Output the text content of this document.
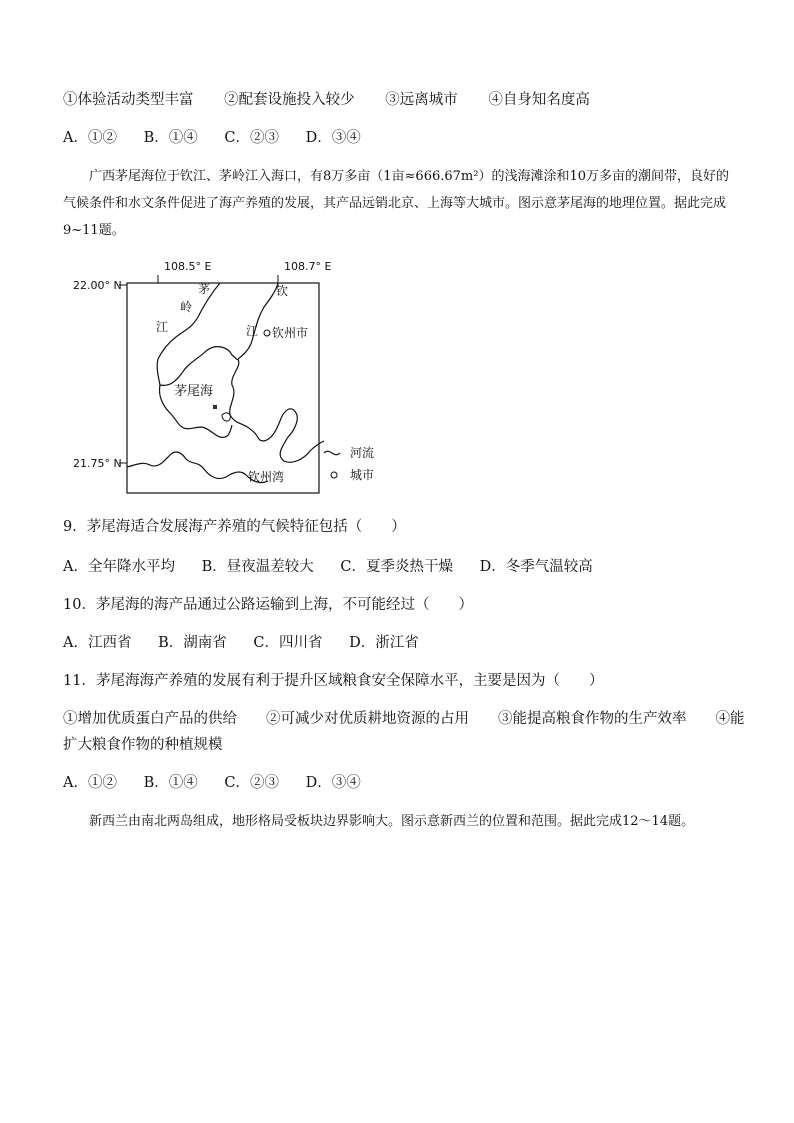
①体验活动类型丰富 ②配套设施投入较少 ③远离城市 ④自身知名度高
A．①② B．①④ C．②③ D．③④

广西茅尾海位于钦江、茅岭江入海口，有8万多亩（1亩≈666.67m²）的浅海滩涂和10万多亩的潮间带，良好的气候条件和水文条件促进了海产养殖的发展，其产品远销北京、上海等大城市。图示意茅尾海的地理位置。据此完成9~11题。

108.5° E	108.7° E
22.00° N
21.75° N
茅
岭
江
钦
江 钦州市
茅尾海
钦州湾
河流
城市
9．茅尾海适合发展海产养殖的气候特征包括（　　）
A．全年降水平均 B．昼夜温差较大 C．夏季炎热干燥 D．冬季气温较高
10．茅尾海的海产品通过公路运输到上海，不可能经过（　　）
A．江西省 B．湖南省 C．四川省 D．浙江省
11．茅尾海海产养殖的发展有利于提升区域粮食安全保障水平，主要是因为（　　）
①增加优质蛋白产品的供给　　②可减少对优质耕地资源的占用　　③能提高粮食作物的生产效率　　④能
扩大粮食作物的种植规模
A．①② B．①④ C．②③ D．③④

新西兰由南北两岛组成，地形格局受板块边界影响大。图示意新西兰的位置和范围。据此完成12～14题。
